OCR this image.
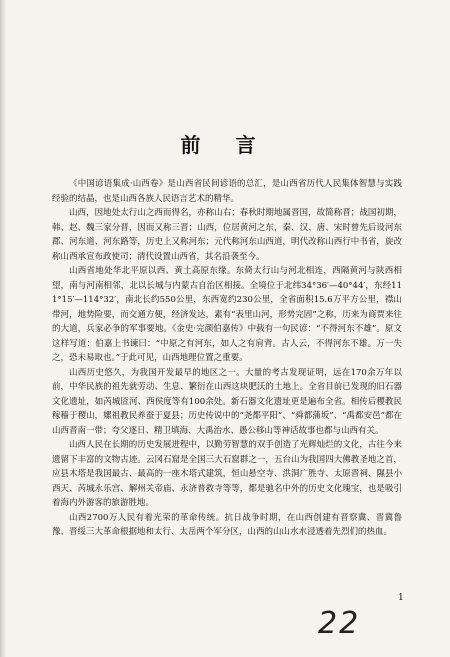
前 言

《中国谚语集成·山西卷》是山西省民间谚语的总汇，是山西省历代人民集体智慧与实践经验的结晶，也是山西各族人民语言艺术的精华。

山西，因地处太行山之西而得名，亦称山右；春秋时期地属晋国，故简称晋；战国初期，韩、赵、魏三家分晋，因而又称三晋；山西，位居黄河之东，秦、汉、唐、宋时曾先后设河东郡、河东道、河东路等，历史上又称河东；元代称河东山西道，明代改称山西行中书省，旋改称山西承宣布政使司；清代设置山西省，其名沿袭至今。

山西省地处华北平原以西、黄土高原东缘。东倚太行山与河北相连，西隔黄河与陕西相望，南与河南相邻，北以长城与内蒙古自治区相接。全境位于北纬34°36′—40°44′，东经111°15′—114°32′，南北长约550公里，东西宽约230公里，全省面积15.6万平方公里，襟山带河，地势险要，而交通方便，经济发达，素有“表里山河，形势完固”之称，历来为商贾来往的大道，兵家必争的军事要地。《金史·完颜伯嘉传》中载有一句民谚：“不得河东不雄”。原文这样写道：伯嘉上书谏曰：“中原之有河东，如人之有肩背。古人云，不得河东不雄。万一失之，恐未易取也。”于此可见，山西地理位置之重要。

山西历史悠久，为我国开发最早的地区之一。大量的考古发现证明，远在170余万年以前，中华民族的祖先就劳动、生息、繁衍在山西这块肥沃的土地上。全省目前已发现的旧石器文化遗址，如芮城匼河、西侯度等有100余处。新石器文化遗址更是遍布全省。相传后稷教民稼穑于稷山，嫘祖教民养蚕于夏县；历史传说中的“尧都平阳”、“舜都蒲坂”、“禹都安邑”都在山西晋南一带；夸父逐日、精卫填海、大禹治水、愚公移山等神话故事也都与山西有关。

山西人民在长期的历史发展进程中，以勤劳智慧的双手创造了光辉灿烂的文化，古往今来遗留下丰富的文物古迹。云冈石窟是全国三大石窟群之一，五台山为我国四大佛教圣地之首，应县木塔是我国最古、最高的一座木塔式建筑，恒山悬空寺、洪洞广胜寺、太原晋祠、隰县小西天、芮城永乐宫、解州关帝庙、永济普救寺等等，都是驰名中外的历史文化瑰宝，也是吸引着海内外游客的旅游胜地。

山西2700万人民有着光荣的革命传统。抗日战争时期，在山西创建有晋察冀、晋冀鲁豫、晋绥三大革命根据地和太行、太岳两个军分区，山西的山山水水浸透着先烈们的热血。

1
22
